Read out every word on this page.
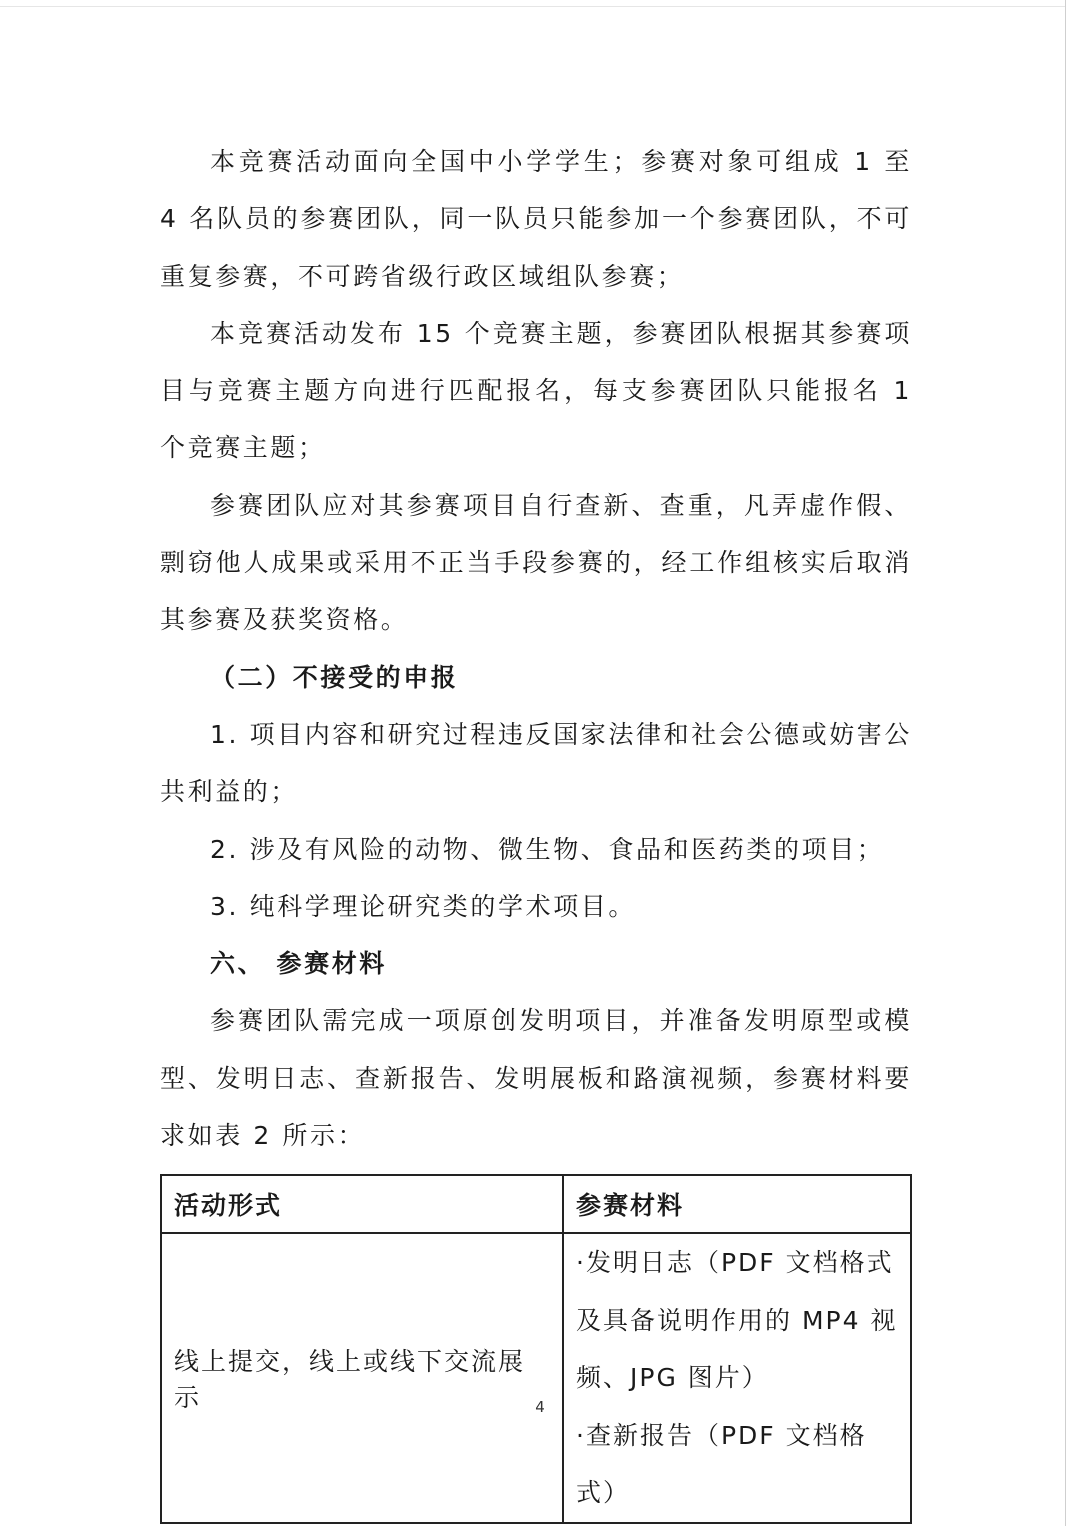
本竞赛活动面向全国中小学学生；参赛对象可组成 1 至 4 名队员的参赛团队，同一队员只能参加一个参赛团队，不可重复参赛，不可跨省级行政区域组队参赛；

本竞赛活动发布 15 个竞赛主题，参赛团队根据其参赛项目与竞赛主题方向进行匹配报名，每支参赛团队只能报名 1 个竞赛主题；

参赛团队应对其参赛项目自行查新、查重，凡弄虚作假、剽窃他人成果或采用不正当手段参赛的，经工作组核实后取消其参赛及获奖资格。

（二）不接受的申报

1. 项目内容和研究过程违反国家法律和社会公德或妨害公共利益的；

2. 涉及有风险的动物、微生物、食品和医药类的项目；

3. 纯科学理论研究类的学术项目。

六、 参赛材料

参赛团队需完成一项原创发明项目，并准备发明原型或模型、发明日志、查新报告、发明展板和路演视频，参赛材料要求如表 2 所示：

活动形式	参赛材料
线上提交，线上或线下交流展示	·发明日志（PDF 文档格式及具备说明作用的 MP4 视频、JPG 图片）

·查新报告（PDF 文档格式）

4
